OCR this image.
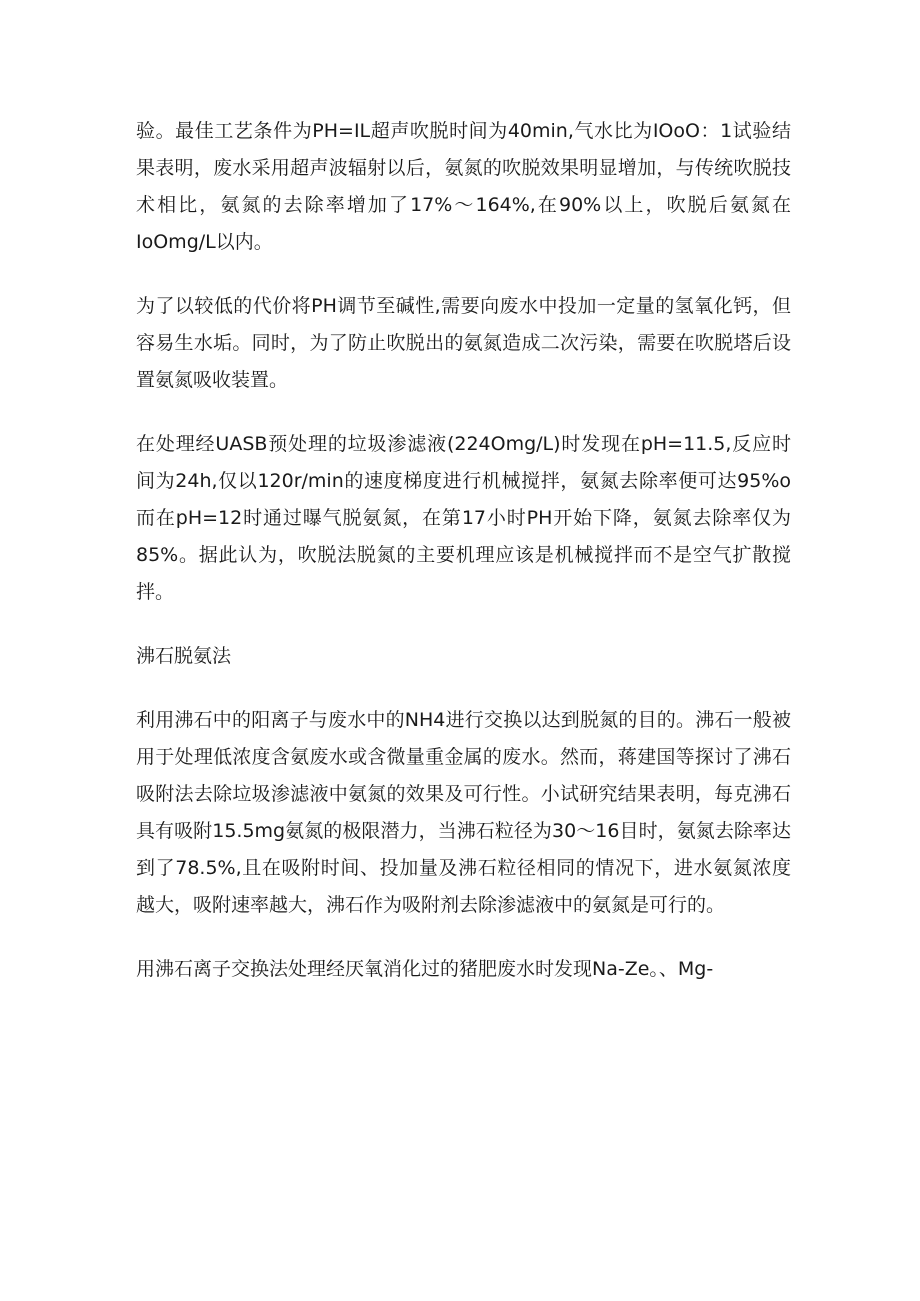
验。最佳工艺条件为PH=IL超声吹脱时间为40min,气水比为IOoO：1试验结果表明，废水采用超声波辐射以后，氨氮的吹脱效果明显增加，与传统吹脱技术相比，氨氮的去除率增加了17%～164%,在90%以上，吹脱后氨氮在IoOmg/L以内。

为了以较低的代价将PH调节至碱性,需要向废水中投加一定量的氢氧化钙，但容易生水垢。同时，为了防止吹脱出的氨氮造成二次污染，需要在吹脱塔后设置氨氮吸收装置。

在处理经UASB预处理的垃圾渗滤液(224Omg/L)时发现在pH=11.5,反应时间为24h,仅以120r/min的速度梯度进行机械搅拌，氨氮去除率便可达95%o而在pH=12时通过曝气脱氨氮，在第17小时PH开始下降，氨氮去除率仅为85%。据此认为，吹脱法脱氮的主要机理应该是机械搅拌而不是空气扩散搅拌。

沸石脱氨法

利用沸石中的阳离子与废水中的NH4进行交换以达到脱氮的目的。沸石一般被用于处理低浓度含氨废水或含微量重金属的废水。然而，蒋建国等探讨了沸石吸附法去除垃圾渗滤液中氨氮的效果及可行性。小试研究结果表明，每克沸石具有吸附15.5mg氨氮的极限潜力，当沸石粒径为30～16目时，氨氮去除率达到了78.5%,且在吸附时间、投加量及沸石粒径相同的情况下，进水氨氮浓度越大，吸附速率越大，沸石作为吸附剂去除渗滤液中的氨氮是可行的。

用沸石离子交换法处理经厌氧消化过的猪肥废水时发现Na-Ze。、Mg-
